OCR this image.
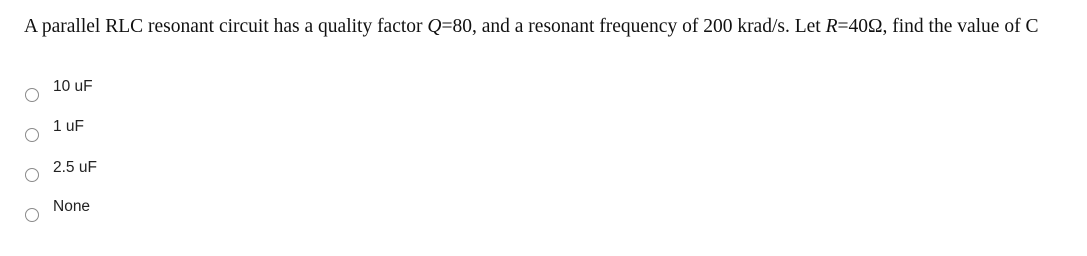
A parallel RLC resonant circuit has a quality factor Q=80, and a resonant frequency of 200 krad/s. Let R=40Ω, find the value of C
10 uF
1 uF
2.5 uF
None
